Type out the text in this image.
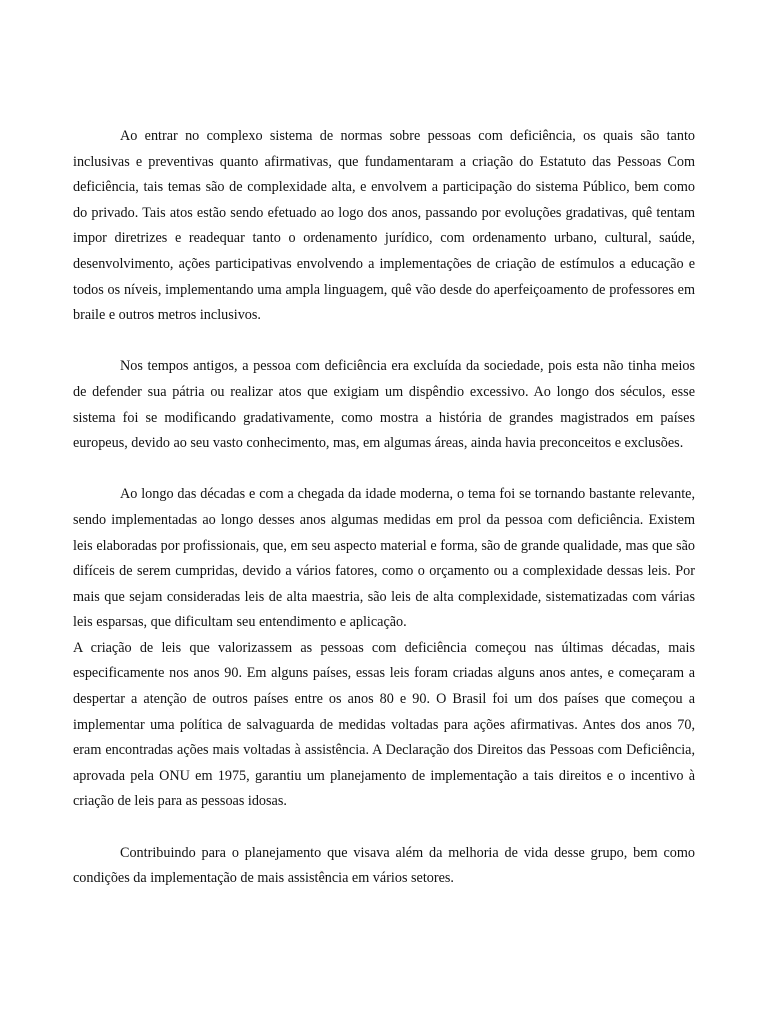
Ao entrar no complexo sistema de normas sobre pessoas com deficiência, os quais são tanto inclusivas e preventivas quanto afirmativas, que fundamentaram a criação do Estatuto das Pessoas Com deficiência, tais temas são de complexidade alta, e envolvem a participação do sistema Público, bem como do privado. Tais atos estão sendo efetuado ao logo dos anos, passando por evoluções gradativas, quê tentam impor diretrizes e readequar tanto o ordenamento jurídico, com ordenamento urbano, cultural, saúde, desenvolvimento, ações participativas envolvendo a implementações de criação de estímulos a educação e todos os níveis, implementando uma ampla linguagem, quê vão desde do aperfeiçoamento de professores em braile e outros metros inclusivos.

Nos tempos antigos, a pessoa com deficiência era excluída da sociedade, pois esta não tinha meios de defender sua pátria ou realizar atos que exigiam um dispêndio excessivo. Ao longo dos séculos, esse sistema foi se modificando gradativamente, como mostra a história de grandes magistrados em países europeus, devido ao seu vasto conhecimento, mas, em algumas áreas, ainda havia preconceitos e exclusões.

Ao longo das décadas e com a chegada da idade moderna, o tema foi se tornando bastante relevante, sendo implementadas ao longo desses anos algumas medidas em prol da pessoa com deficiência. Existem leis elaboradas por profissionais, que, em seu aspecto material e forma, são de grande qualidade, mas que são difíceis de serem cumpridas, devido a vários fatores, como o orçamento ou a complexidade dessas leis. Por mais que sejam consideradas leis de alta maestria, são leis de alta complexidade, sistematizadas com várias leis esparsas, que dificultam seu entendimento e aplicação.

A criação de leis que valorizassem as pessoas com deficiência começou nas últimas décadas, mais especificamente nos anos 90. Em alguns países, essas leis foram criadas alguns anos antes, e começaram a despertar a atenção de outros países entre os anos 80 e 90. O Brasil foi um dos países que começou a implementar uma política de salvaguarda de medidas voltadas para ações afirmativas. Antes dos anos 70, eram encontradas ações mais voltadas à assistência. A Declaração dos Direitos das Pessoas com Deficiência, aprovada pela ONU em 1975, garantiu um planejamento de implementação a tais direitos e o incentivo à criação de leis para as pessoas idosas.

Contribuindo para o planejamento que visava além da melhoria de vida desse grupo, bem como condições da implementação de mais assistência em vários setores.
